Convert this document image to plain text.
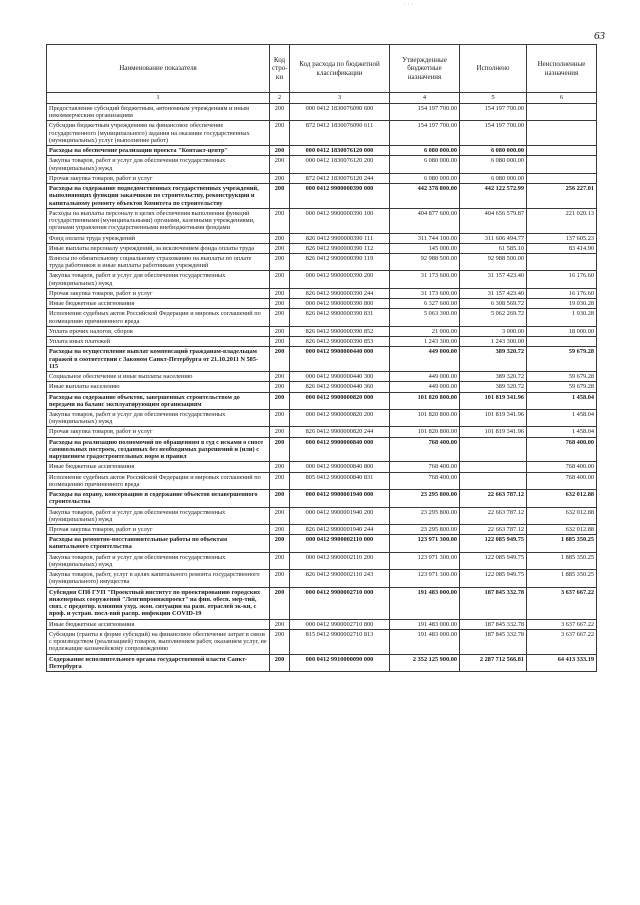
· · ·
63
Наименование показателя	Код стро-ки	Код расхода по бюджетной классификации	Утвержденные бюджетные назначения	Исполнено	Неисполненные назначения
1	2	3	4	5	6
Предоставление субсидий бюджетным, автономным учреждениям и иным некоммерческим организациям	200	000 0412 1830076090 600	154 197 700.00	154 197 700.00	
Субсидии бюджетным учреждениям на финансовое обеспечение государственного (муниципального) задания на оказание государственных (муниципальных) услуг (выполнение работ)	200	872 0412 1830076090 611	154 197 700.00	154 197 700.00	
Расходы на обеспечение реализации проекта "Контакт-центр"	200	000 0412 1830076120 000	6 080 000.00	6 080 000.00	
Закупка товаров, работ и услуг для обеспечения государственных (муниципальных) нужд	200	000 0412 1830076120 200	6 080 000.00	6 080 000.00	
Прочая закупка товаров, работ и услуг	200	872 0412 1830076120 244	6 080 000.00	6 080 000.00	
Расходы на содержание подведомственных государственных учреждений, выполняющих функции заказчиков по строительству, реконструкции и капитальному ремонту объектов Комитета по строительству	200	000 0412 9900000390 000	442 378 800.00	442 122 572.99	256 227.01
Расходы на выплаты персоналу в целях обеспечения выполнения функций государственными (муниципальными) органами, казенными учреждениями, органами управления государственными внебюджетными фондами	200	000 0412 9900000390 100	404 877 600.00	404 656 579.87	221 020.13
Фонд оплаты труда учреждений	200	826 0412 9900000390 111	311 744 100.00	311 606 494.77	137 605.23
Иные выплаты персоналу учреждений, за исключением фонда оплаты труда	200	826 0412 9900000390 112	145 000.00	61 585.10	83 414.90
Взносы по обязательному социальному страхованию на выплаты по оплате труда работников и иные выплаты работникам учреждений	200	826 0412 9900000390 119	92 988 500.00	92 988 500.00	
Закупка товаров, работ и услуг для обеспечения государственных (муниципальных) нужд	200	000 0412 9900000390 200	31 173 600.00	31 157 423.40	16 176.60
Прочая закупка товаров, работ и услуг	200	826 0412 9900000390 244	31 173 600.00	31 157 423.40	16 176.60
Иные бюджетные ассигнования	200	000 0412 9900000390 800	6 327 600.00	6 308 569.72	19 030.28
Исполнение судебных актов Российской Федерации и мировых соглашений по возмещению причиненного вреда	200	826 0412 9900000390 831	5 063 300.00	5 062 269.72	1 030.28
Уплата прочих налогов, сборов	200	826 0412 9900000390 852	21 000.00	3 000.00	18 000.00
Уплата иных платежей	200	826 0412 9900000390 853	1 243 300.00	1 243 300.00	
Расходы на осуществление выплат компенсаций гражданам-владельцам гаражей в соответствии с Законом Санкт-Петербурга от 21.10.2011 N 585-115	200	000 0412 9900000440 000	449 000.00	389 320.72	59 679.28
Социальное обеспечение и иные выплаты населению	200	000 0412 9900000440 300	449 000.00	389 320.72	59 679.28
Иные выплаты населению	200	826 0412 9900000440 360	449 000.00	389 320.72	59 679.28
Расходы на содержание объектов, завершенных строительством до передачи на баланс эксплуатирующим организациям	200	000 0412 9900000820 000	101 820 800.00	101 819 341.96	1 458.04
Закупка товаров, работ и услуг для обеспечения государственных (муниципальных) нужд	200	000 0412 9900000820 200	101 820 800.00	101 819 341.96	1 458.04
Прочая закупка товаров, работ и услуг	200	826 0412 9900000820 244	101 820 800.00	101 819 341.96	1 458.04
Расходы на реализацию полномочий по обращениям в суд с исками о сносе самовольных построек, созданных без необходимых разрешений и (или) с нарушением градостроительных норм и правил	200	000 0412 9900000840 000	768 400.00		768 400.00
Иные бюджетные ассигнования	200	000 0412 9900000840 800	768 400.00		768 400.00
Исполнение судебных актов Российской Федерации и мировых соглашений по возмещению причиненного вреда	200	805 0412 9900000840 831	768 400.00		768 400.00
Расходы на охрану, консервацию и содержание объектов незавершенного строительства	200	000 0412 9900001940 000	23 295 800.00	22 663 787.12	632 012.88
Закупка товаров, работ и услуг для обеспечения государственных (муниципальных) нужд	200	000 0412 9900001940 200	23 295 800.00	22 663 787.12	632 012.88
Прочая закупка товаров, работ и услуг	200	826 0412 9900001940 244	23 295 800.00	22 663 787.12	632 012.88
Расходы на ремонтно-восстановительные работы по объектам капитального строительства	200	000 0412 9900002110 000	123 971 300.00	122 085 949.75	1 885 350.25
Закупка товаров, работ и услуг для обеспечения государственных (муниципальных) нужд	200	000 0412 9900002110 200	123 971 300.00	122 085 949.75	1 885 350.25
Закупка товаров, работ, услуг в целях капитального ремонта государственного (муниципального) имущества	200	826 0412 9900002110 243	123 971 300.00	122 085 949.75	1 885 350.25
Субсидия СПб ГУП "Проектный институт по проектированию городских инженерных сооружений "Ленгипроинжпроект" на фин. обесп. мер-тий, связ. с предотвр. влияния ухуд. экон. ситуации на разв. отраслей эк-ки, с проф. и устран. посл-вий распр. инфекции COVID-19	200	000 0412 9900002710 000	191 483 000.00	187 845 332.78	3 637 667.22
Иные бюджетные ассигнования	200	000 0412 9900002710 800	191 483 000.00	187 845 332.78	3 637 667.22
Субсидии (гранты в форме субсидий) на финансовое обеспечение затрат в связи с производством (реализацией) товаров, выполнением работ, оказанием услуг, не подлежащие казначейскому сопровождению	200	815 0412 9900002710 813	191 483 000.00	187 845 332.78	3 637 667.22
Содержание исполнительного органа государственной власти Санкт-Петербурга	200	000 0412 9910000090 000	2 352 125 900.00	2 287 712 566.81	64 413 333.19
